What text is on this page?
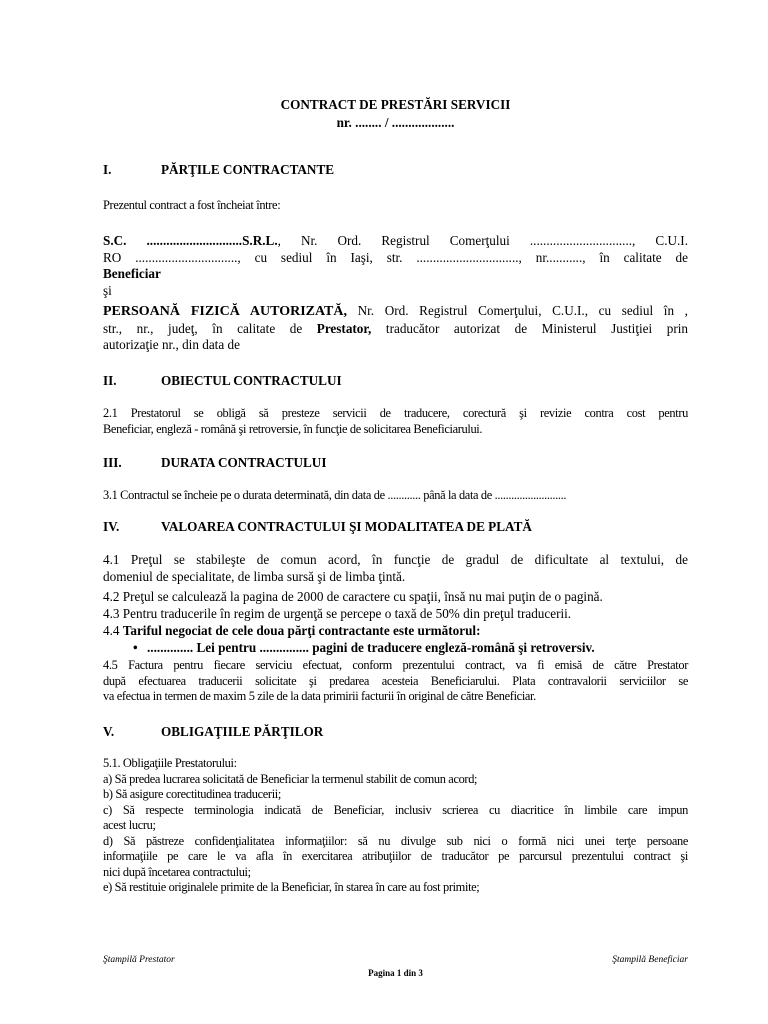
CONTRACT DE PRESTĂRI SERVICII
nr. ........ / ...................
I.	PĂRŢILE CONTRACTANTE
Prezentul contract a fost încheiat între:
S.C. .............................S.R.L., Nr. Ord. Registrul Comerţului ..............................., C.U.I.
RO ..............................., cu sediul în Iaşi, str. ..............................., nr..........., în calitate de
Beneficiar
şi
PERSOANĂ FIZICĂ AUTORIZATĂ, Nr. Ord. Registrul Comerţului, C.U.I., cu sediul în ,
str., nr., judeţ, în calitate de Prestator, traducător autorizat de Ministerul Justiţiei prin
autorizaţie nr., din data de
II.	OBIECTUL CONTRACTULUI
2.1 Prestatorul se obligă să presteze servicii de traducere, corectură şi revizie contra cost pentru
Beneficiar, engleză - română şi retroversie, în funcţie de solicitarea Beneficiarului.
III.	DURATA CONTRACTULUI
3.1 Contractul se încheie pe o durata determinată, din data de ............ până la data de ..........................
IV.	VALOAREA CONTRACTULUI ŞI MODALITATEA DE PLATĂ
4.1 Preţul se stabileşte de comun acord, în funcţie de gradul de dificultate al textului, de
domeniul de specialitate, de limba sursă şi de limba ţintă.
4.2 Preţul se calculează la pagina de 2000 de caractere cu spaţii, însă nu mai puţin de o pagină.
4.3 Pentru traducerile în regim de urgenţă se percepe o taxă de 50% din preţul traducerii.
4.4 Tariful negociat de cele doua părţi contractante este următorul:
• .............. Lei pentru ............... pagini de traducere engleză-română şi retroversiv.
4.5 Factura pentru fiecare serviciu efectuat, conform prezentului contract, va fi emisă de către Prestator
după efectuarea traducerii solicitate şi predarea acesteia Beneficiarului. Plata contravalorii serviciilor se
va efectua in termen de maxim 5 zile de la data primirii facturii în original de către Beneficiar.
V.	OBLIGAŢIILE PĂRŢILOR
5.1. Obligaţiile Prestatorului:
a) Să predea lucrarea solicitată de Beneficiar la termenul stabilit de comun acord;
b) Să asigure corectitudinea traducerii;
c) Să respecte terminologia indicată de Beneficiar, inclusiv scrierea cu diacritice în limbile care impun
acest lucru;
d) Să păstreze confidenţialitatea informaţiilor: să nu divulge sub nici o formă nici unei terţe persoane
informaţiile pe care le va afla în exercitarea atribuţiilor de traducător pe parcursul prezentului contract şi
nici după încetarea contractului;
e) Să restituie originalele primite de la Beneficiar, în starea în care au fost primite;
Ştampilă Prestator	Ştampilă Beneficiar
Pagina 1 din 3
